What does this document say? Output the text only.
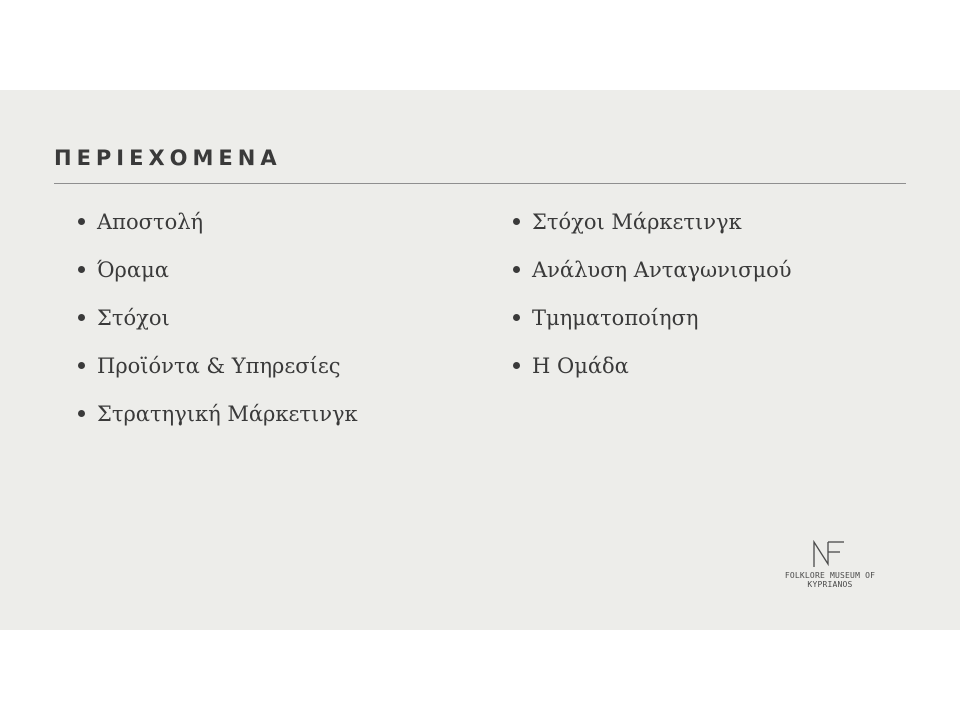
ΠΕΡΙΕΧΟΜΕΝΑ
Αποστολή
Όραμα
Στόχοι
Προϊόντα & Υπηρεσίες
Στρατηγική Μάρκετινγκ
Στόχοι Μάρκετινγκ
Ανάλυση Ανταγωνισμού
Τμηματοποίηση
Η Ομάδα
FOLKLORE MUSEUM OF KYPRIANOS
